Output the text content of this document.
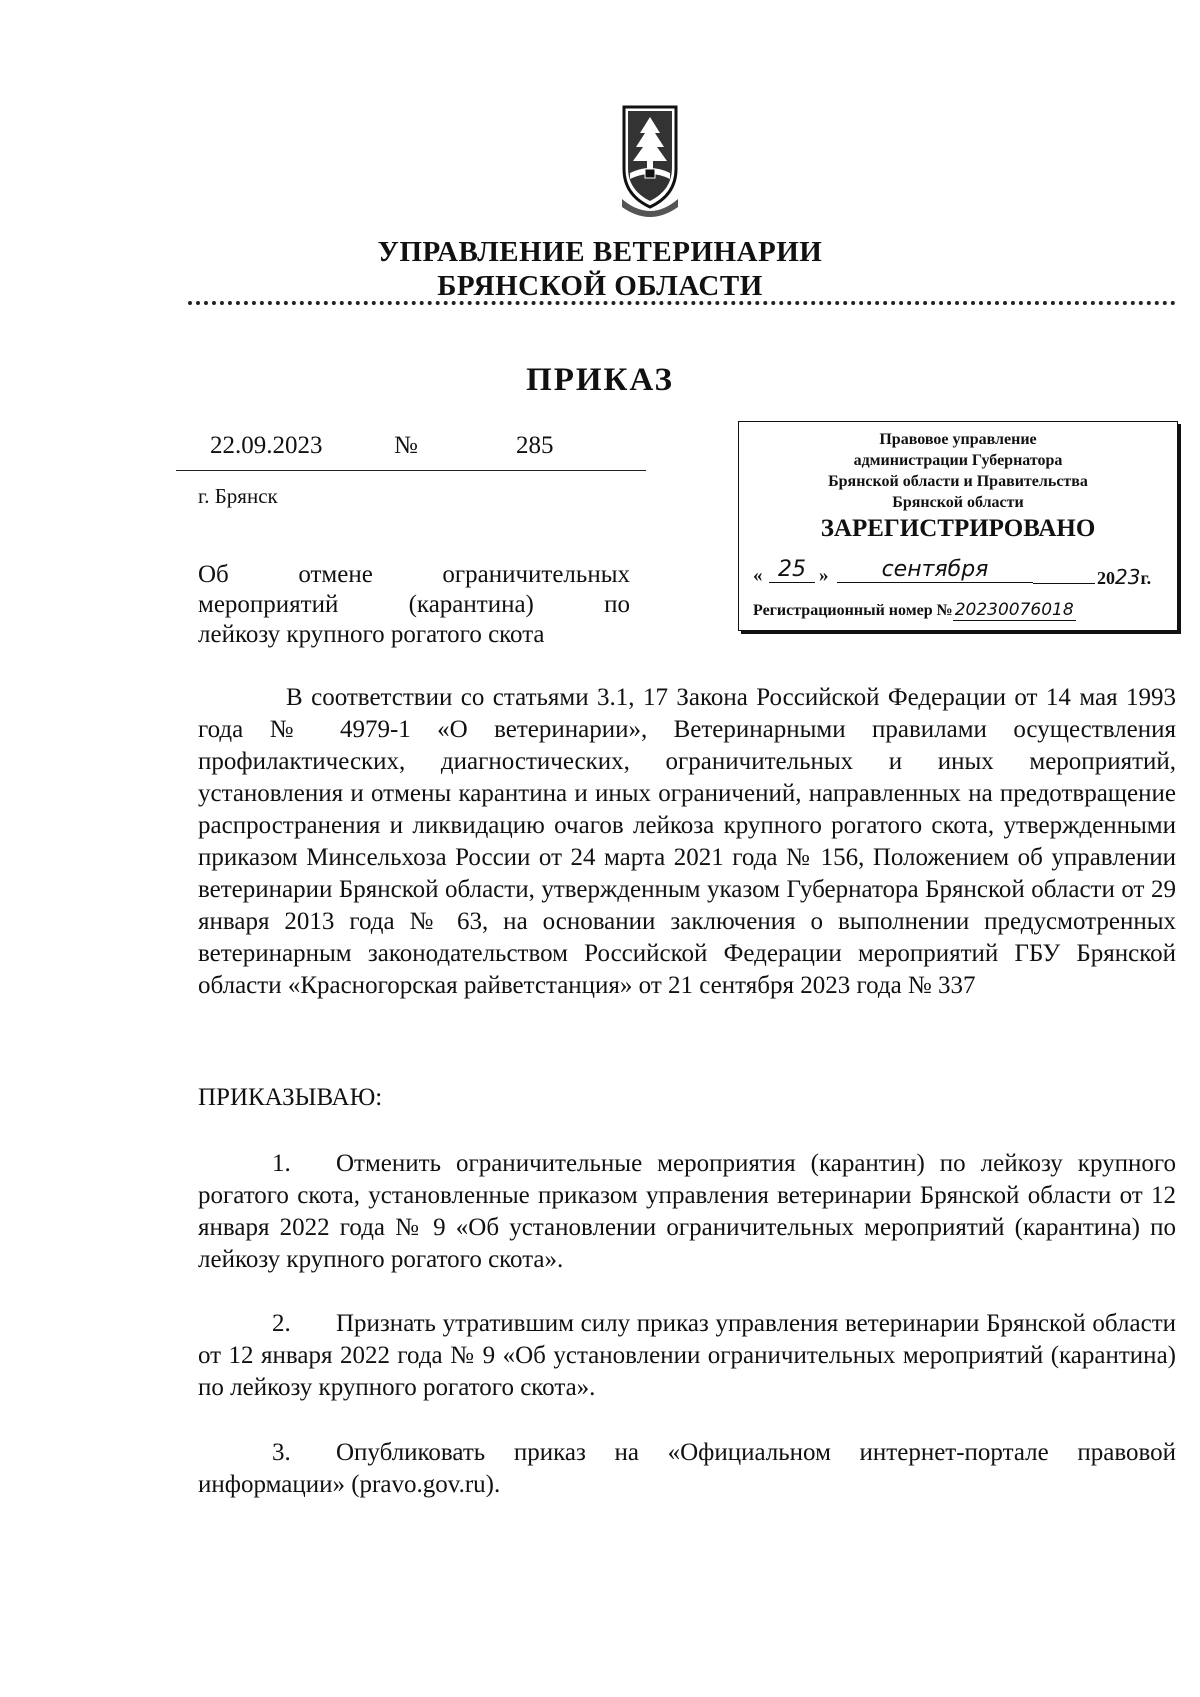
УПРАВЛЕНИЕ ВЕТЕРИНАРИИ
БРЯНСКОЙ ОБЛАСТИ
ПРИКАЗ
22.09.2023	№	285
г. Брянск
Об отмене ограничительных
мероприятий (карантина) по
лейкозу крупного рогатого скота
Правовое управление
администрации Губернатора
Брянской области и Правительства
Брянской области
ЗАРЕГИСТРИРОВАНО
« 25 »	сентября	2023г.
Регистрационный номер № 20230076018
В соответствии со статьями 3.1, 17 Закона Российской Федерации от 14 мая 1993 года № 4979-1 «О ветеринарии», Ветеринарными правилами осуществления профилактических, диагностических, ограничительных и иных мероприятий, установления и отмены карантина и иных ограничений, направленных на предотвращение распространения и ликвидацию очагов лейкоза крупного рогатого скота, утвержденными приказом Минсельхоза России от 24 марта 2021 года № 156, Положением об управлении ветеринарии Брянской области, утвержденным указом Губернатора Брянской области от 29 января 2013 года № 63, на основании заключения о выполнении предусмотренных ветеринарным законодательством Российской Федерации мероприятий ГБУ Брянской области «Красногорская райветстанция» от 21 сентября 2023 года № 337
ПРИКАЗЫВАЮ:
1. Отменить ограничительные мероприятия (карантин) по лейкозу крупного рогатого скота, установленные приказом управления ветеринарии Брянской области от 12 января 2022 года № 9 «Об установлении ограничительных мероприятий (карантина) по лейкозу крупного рогатого скота».
2. Признать утратившим силу приказ управления ветеринарии Брянской области от 12 января 2022 года № 9 «Об установлении ограничительных мероприятий (карантина) по лейкозу крупного рогатого скота».
3. Опубликовать приказ на «Официальном интернет-портале правовой информации» (pravo.gov.ru).
